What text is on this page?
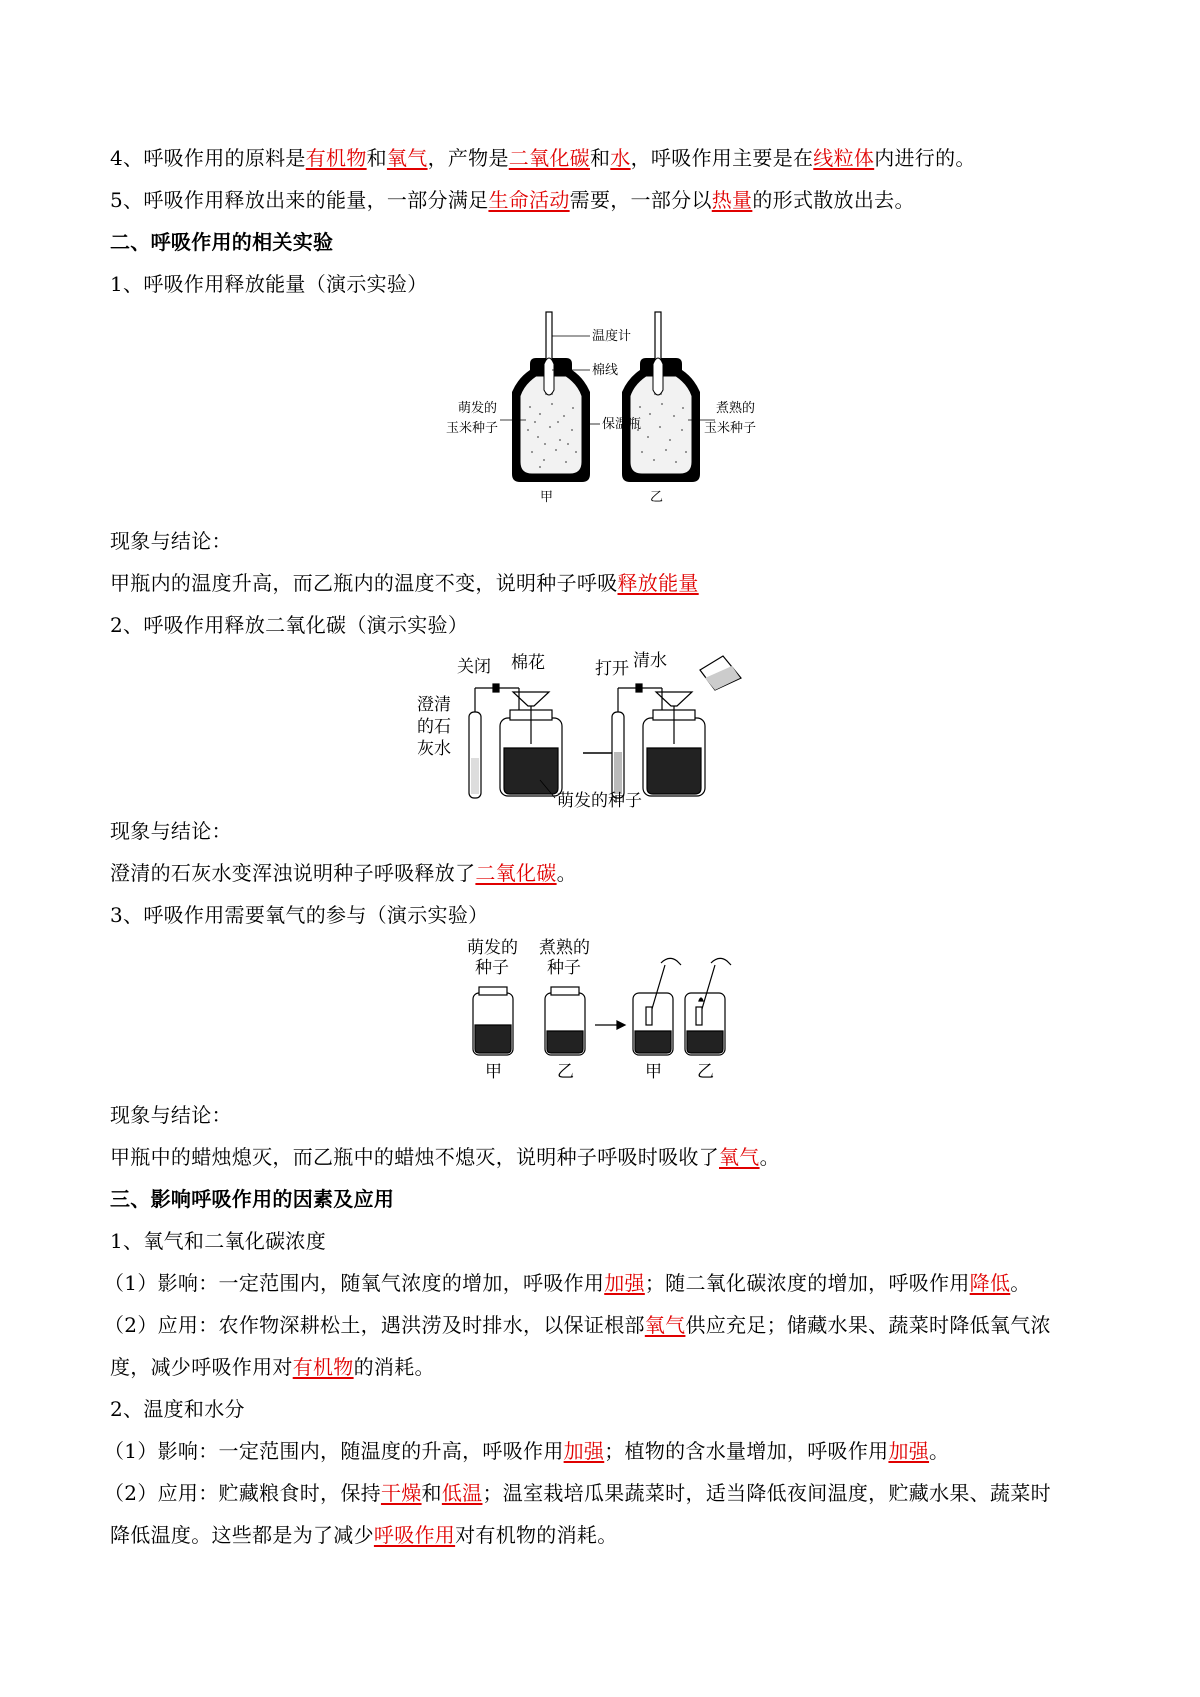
4、呼吸作用的原料是有机物和氧气，产物是二氧化碳和水，呼吸作用主要是在线粒体内进行的。
5、呼吸作用释放出来的能量，一部分满足生命活动需要，一部分以热量的形式散放出去。
二、呼吸作用的相关实验
1、呼吸作用释放能量（演示实验）
温度计
棉线
保温瓶
萌发的
玉米种子
煮熟的
玉米种子
甲	乙
现象与结论：
甲瓶内的温度升高，而乙瓶内的温度不变，说明种子呼吸释放能量
2、呼吸作用释放二氧化碳（演示实验）
关闭 棉花	打开 清水
澄清
的石
灰水
萌发的种子
现象与结论：
澄清的石灰水变浑浊说明种子呼吸释放了二氧化碳。
3、呼吸作用需要氧气的参与（演示实验）
萌发的
种子
煮熟的
种子
甲	乙	甲 乙
现象与结论：
甲瓶中的蜡烛熄灭，而乙瓶中的蜡烛不熄灭，说明种子呼吸时吸收了氧气。
三、影响呼吸作用的因素及应用
1、氧气和二氧化碳浓度
（1）影响：一定范围内，随氧气浓度的增加，呼吸作用加强；随二氧化碳浓度的增加，呼吸作用降低。
（2）应用：农作物深耕松土，遇洪涝及时排水，以保证根部氧气供应充足；储藏水果、蔬菜时降低氧气浓
度，减少呼吸作用对有机物的消耗。
2、温度和水分
（1）影响：一定范围内，随温度的升高，呼吸作用加强；植物的含水量增加，呼吸作用加强。
（2）应用：贮藏粮食时，保持干燥和低温；温室栽培瓜果蔬菜时，适当降低夜间温度，贮藏水果、蔬菜时
降低温度。这些都是为了减少呼吸作用对有机物的消耗。
